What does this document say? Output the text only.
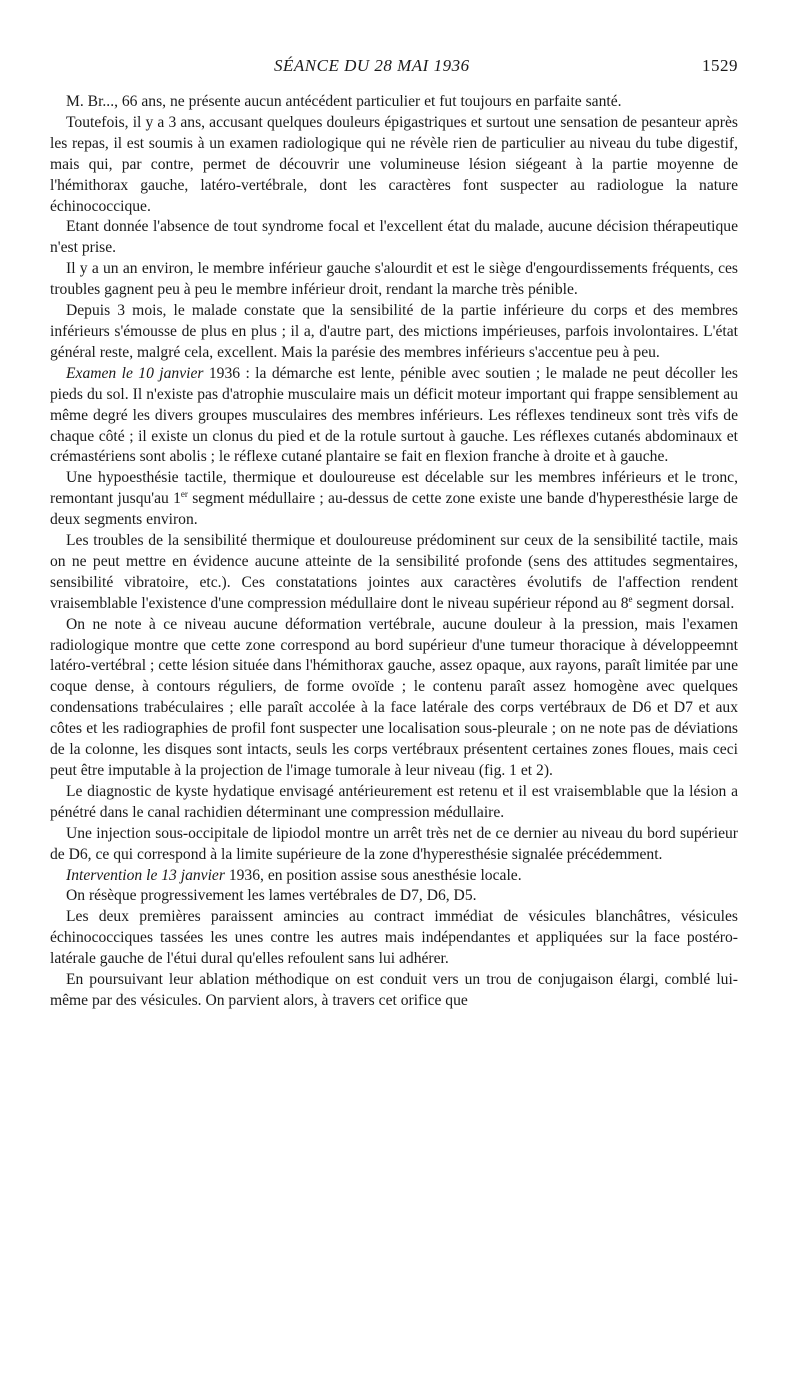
SÉANCE DU 28 MAI 1936	1529

M. Br..., 66 ans, ne présente aucun antécédent particulier et fut toujours en parfaite santé.

Toutefois, il y a 3 ans, accusant quelques douleurs épigastriques et surtout une sensation de pesanteur après les repas, il est soumis à un examen radiologique qui ne révèle rien de particulier au niveau du tube digestif, mais qui, par contre, permet de découvrir une volumineuse lésion siégeant à la partie moyenne de l'hémithorax gauche, latéro-vertébrale, dont les caractères font suspecter au radiologue la nature échinococcique.

Etant donnée l'absence de tout syndrome focal et l'excellent état du malade, aucune décision thérapeutique n'est prise.

Il y a un an environ, le membre inférieur gauche s'alourdit et est le siège d'engourdissements fréquents, ces troubles gagnent peu à peu le membre inférieur droit, rendant la marche très pénible.

Depuis 3 mois, le malade constate que la sensibilité de la partie inférieure du corps et des membres inférieurs s'émousse de plus en plus ; il a, d'autre part, des mictions impérieuses, parfois involontaires. L'état général reste, malgré cela, excellent. Mais la parésie des membres inférieurs s'accentue peu à peu.

Examen le 10 janvier 1936 : la démarche est lente, pénible avec soutien ; le malade ne peut décoller les pieds du sol. Il n'existe pas d'atrophie musculaire mais un déficit moteur important qui frappe sensiblement au même degré les divers groupes musculaires des membres inférieurs. Les réflexes tendineux sont très vifs de chaque côté ; il existe un clonus du pied et de la rotule surtout à gauche. Les réflexes cutanés abdominaux et crémastériens sont abolis ; le réflexe cutané plantaire se fait en flexion franche à droite et à gauche.

Une hypoesthésie tactile, thermique et douloureuse est décelable sur les membres inférieurs et le tronc, remontant jusqu'au 1er segment médullaire ; au-dessus de cette zone existe une bande d'hyperesthésie large de deux segments environ.

Les troubles de la sensibilité thermique et douloureuse prédominent sur ceux de la sensibilité tactile, mais on ne peut mettre en évidence aucune atteinte de la sensibilité profonde (sens des attitudes segmentaires, sensibilité vibratoire, etc.). Ces constatations jointes aux caractères évolutifs de l'affection rendent vraisemblable l'existence d'une compression médullaire dont le niveau supérieur répond au 8e segment dorsal.

On ne note à ce niveau aucune déformation vertébrale, aucune douleur à la pression, mais l'examen radiologique montre que cette zone correspond au bord supérieur d'une tumeur thoracique à développeemnt latéro-vertébral ; cette lésion située dans l'hémithorax gauche, assez opaque, aux rayons, paraît limitée par une coque dense, à contours réguliers, de forme ovoïde ; le contenu paraît assez homogène avec quelques condensations trabéculaires ; elle paraît accolée à la face latérale des corps vertébraux de D6 et D7 et aux côtes et les radiographies de profil font suspecter une localisation sous-pleurale ; on ne note pas de déviations de la colonne, les disques sont intacts, seuls les corps vertébraux présentent certaines zones floues, mais ceci peut être imputable à la projection de l'image tumorale à leur niveau (fig. 1 et 2).

Le diagnostic de kyste hydatique envisagé antérieurement est retenu et il est vraisemblable que la lésion a pénétré dans le canal rachidien déterminant une compression médullaire.

Une injection sous-occipitale de lipiodol montre un arrêt très net de ce dernier au niveau du bord supérieur de D6, ce qui correspond à la limite supérieure de la zone d'hyperesthésie signalée précédemment.

Intervention le 13 janvier 1936, en position assise sous anesthésie locale.

On résèque progressivement les lames vertébrales de D7, D6, D5.

Les deux premières paraissent amincies au contract immédiat de vésicules blanchâtres, vésicules échinococciques tassées les unes contre les autres mais indépendantes et appliquées sur la face postéro-latérale gauche de l'étui dural qu'elles refoulent sans lui adhérer.

En poursuivant leur ablation méthodique on est conduit vers un trou de conjugaison élargi, comblé lui-même par des vésicules. On parvient alors, à travers cet orifice que
